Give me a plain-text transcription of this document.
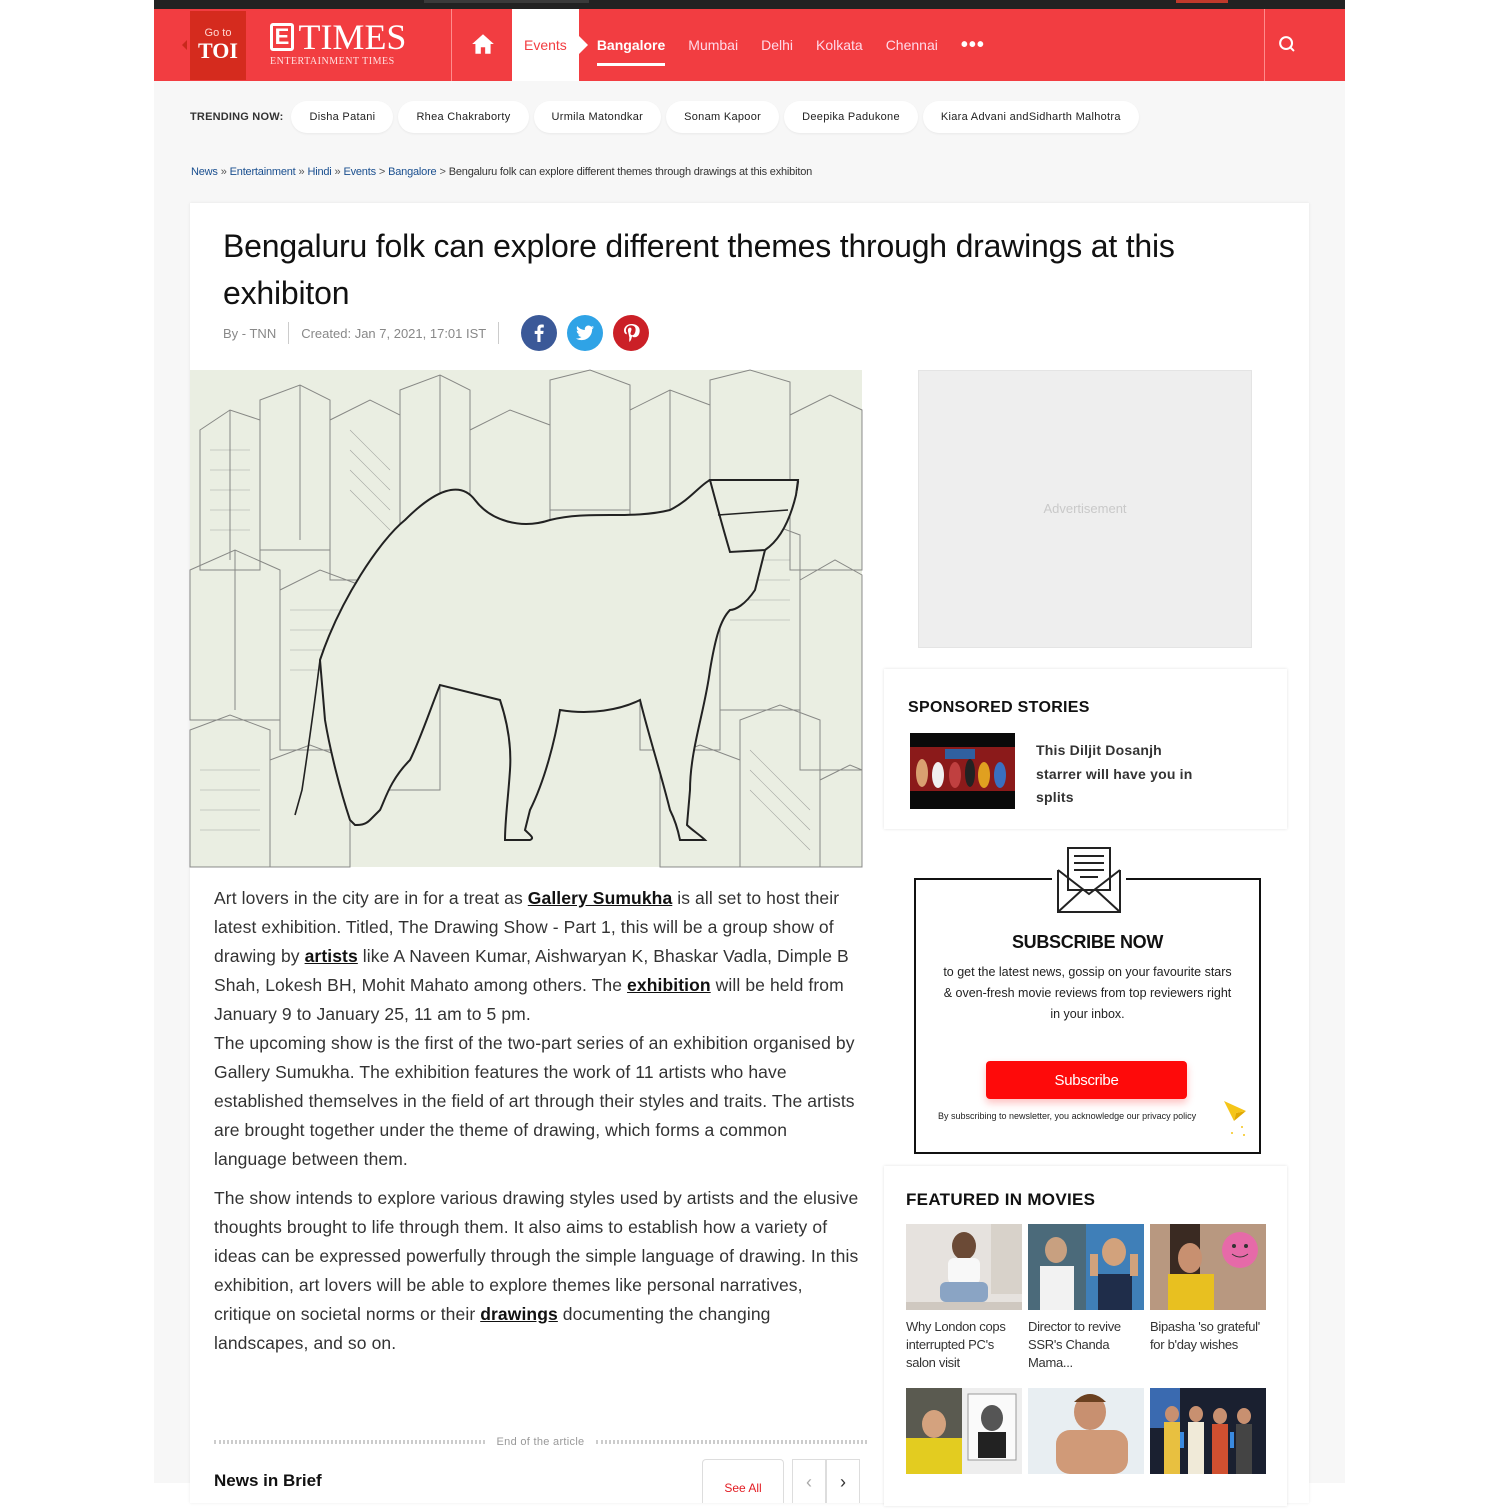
Go to
TOI
E TIMES
ENTERTAINMENT TIMES
Events	Bangalore Mumbai Delhi Kolkata Chennai •••
TRENDING NOW:	Disha Patani	Rhea Chakraborty	Urmila Matondkar	Sonam Kapoor	Deepika Padukone	Kiara Advani andSidharth Malhotra
News » Entertainment » Hindi » Events > Bangalore > Bengaluru folk can explore different themes through drawings at this exhibiton
Bengaluru folk can explore different themes through drawings at this exhibiton
By - TNN Created: Jan 7, 2021, 17:01 IST

Art lovers in the city are in for a treat as Gallery Sumukha is all set to host their latest exhibition. Titled, The Drawing Show - Part 1, this will be a group show of drawing by artists like A Naveen Kumar, Aishwaryan K, Bhaskar Vadla, Dimple B Shah, Lokesh BH, Mohit Mahato among others. The exhibition will be held from January 9 to January 25, 11 am to 5 pm.

The upcoming show is the first of the two-part series of an exhibition organised by Gallery Sumukha. The exhibition features the work of 11 artists who have established themselves in the field of art through their styles and traits. The artists are brought together under the theme of drawing, which forms a common language between them.

The show intends to explore various drawing styles used by artists and the elusive thoughts brought to life through them. It also aims to establish how a variety of ideas can be expressed powerfully through the simple language of drawing. In this exhibition, art lovers will be able to explore themes like personal narratives, critique on societal norms or their drawings documenting the changing landscapes, and so on.

End of the article
News in Brief	See All	‹	›
Advertisement
SPONSORED STORIES
This Diljit Dosanjh starrer will have you in splits
SUBSCRIBE NOW
to get the latest news, gossip on your favourite stars & oven-fresh movie reviews from top reviewers right in your inbox.
Subscribe
By subscribing to newsletter, you acknowledge our privacy policy
FEATURED IN MOVIES
Why London cops interrupted PC's salon visit
Director to revive SSR's Chanda Mama...
Bipasha 'so grateful' for b'day wishes
